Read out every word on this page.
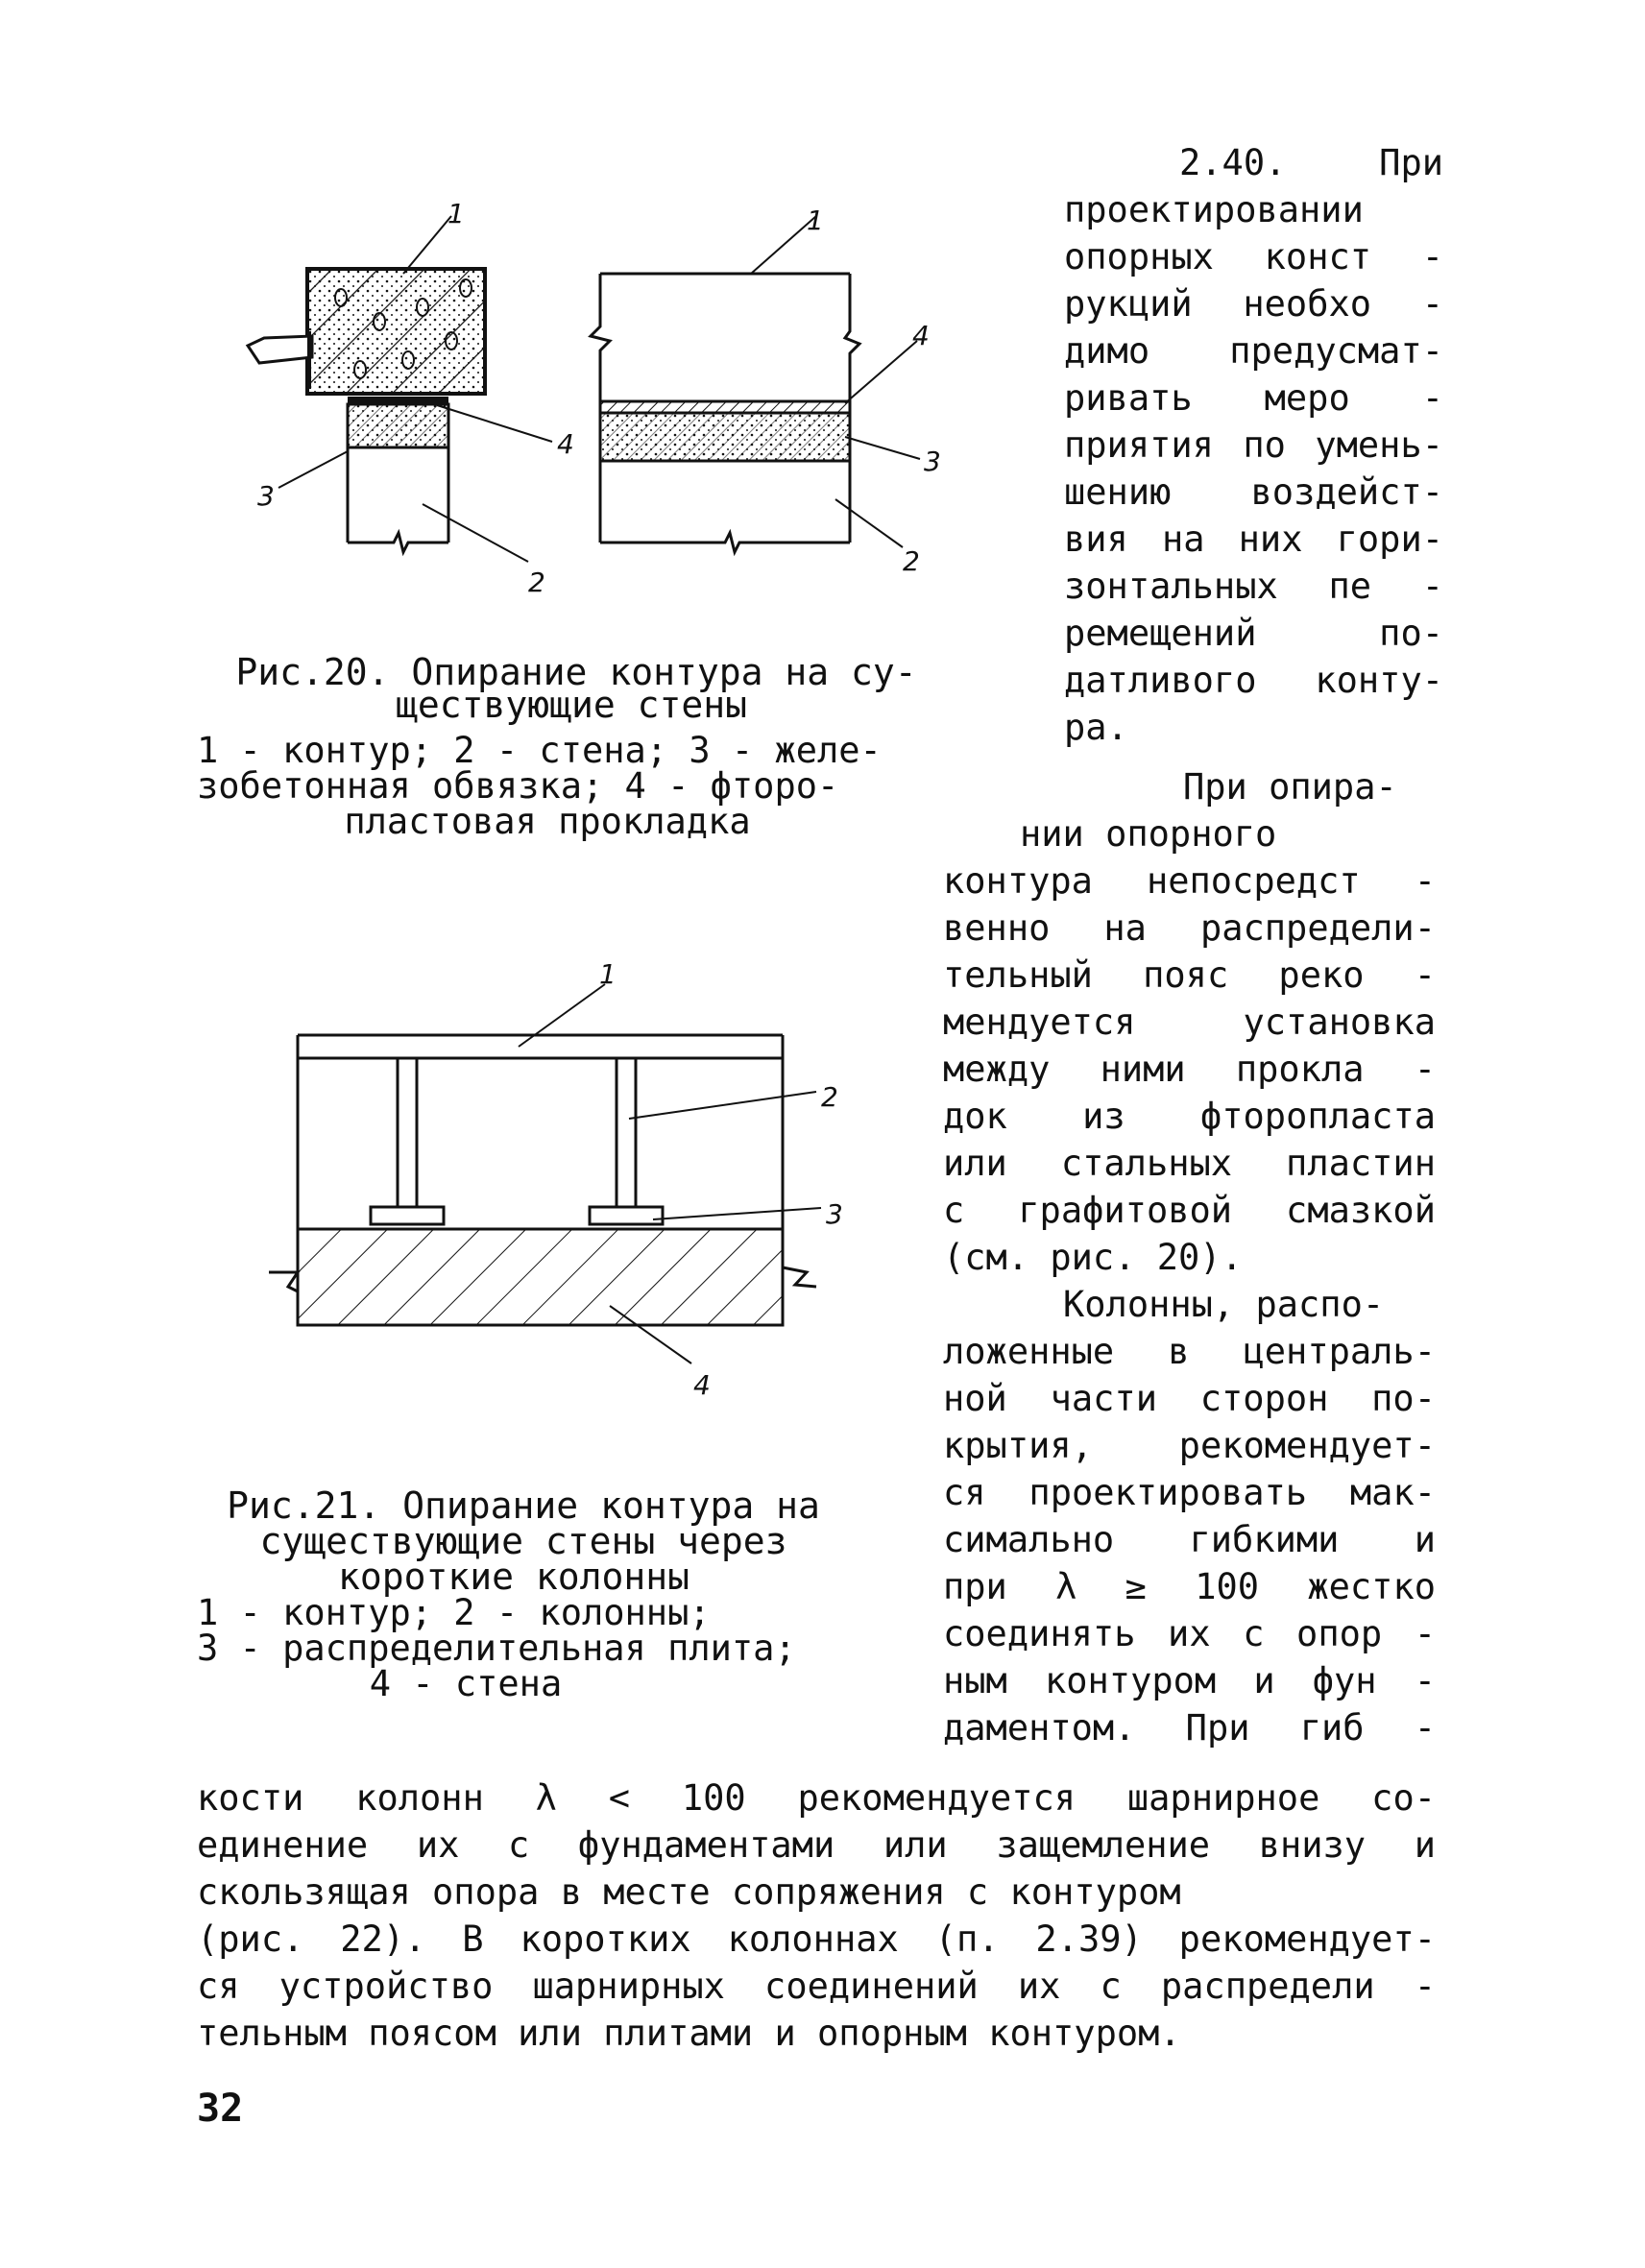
1
4
3
2
1
4
3
2
Рис.20. Опирание контура на су-
ществующие стены
1 - контур; 2 - стена; 3 - желе-
зобетонная обвязка; 4 - фторо-
пластовая прокладка
1
2
3
4
Рис.21. Опирание контура на
существующие стены через
короткие колонны
1 - контур; 2 - колонны;
3 - распределительная плита;
4 - стена
2.40. При
проектировании
опорных конст -
рукций необхо -
димо предусмат-
ривать меро -
приятия по умень-
шению воздейст-
вия на них гори-
зонтальных пе -
ремещений по-
датливого конту-
ра.
При опира-
нии опорного
контура непосредст -
венно на распредели-
тельный пояс реко -
мендуется установка
между ними прокла -
док из фторопласта
или стальных пластин
с графитовой смазкой
(см. рис. 20).
Колонны, распо-
ложенные в централь-
ной части сторон по-
крытия, рекомендует-
ся проектировать мак-
симально гибкими и
при λ ≥ 100 жестко
соединять их с опор -
ным контуром и фун -
даментом. При гиб -
кости колонн λ < 100 рекомендуется шарнирное со-
единение их с фундаментами или защемление внизу и
скользящая опора в месте сопряжения с контуром
(рис. 22). В коротких колоннах (п. 2.39) рекомендует-
ся устройство шарнирных соединений их с распредели -
тельным поясом или плитами и опорным контуром.
32
